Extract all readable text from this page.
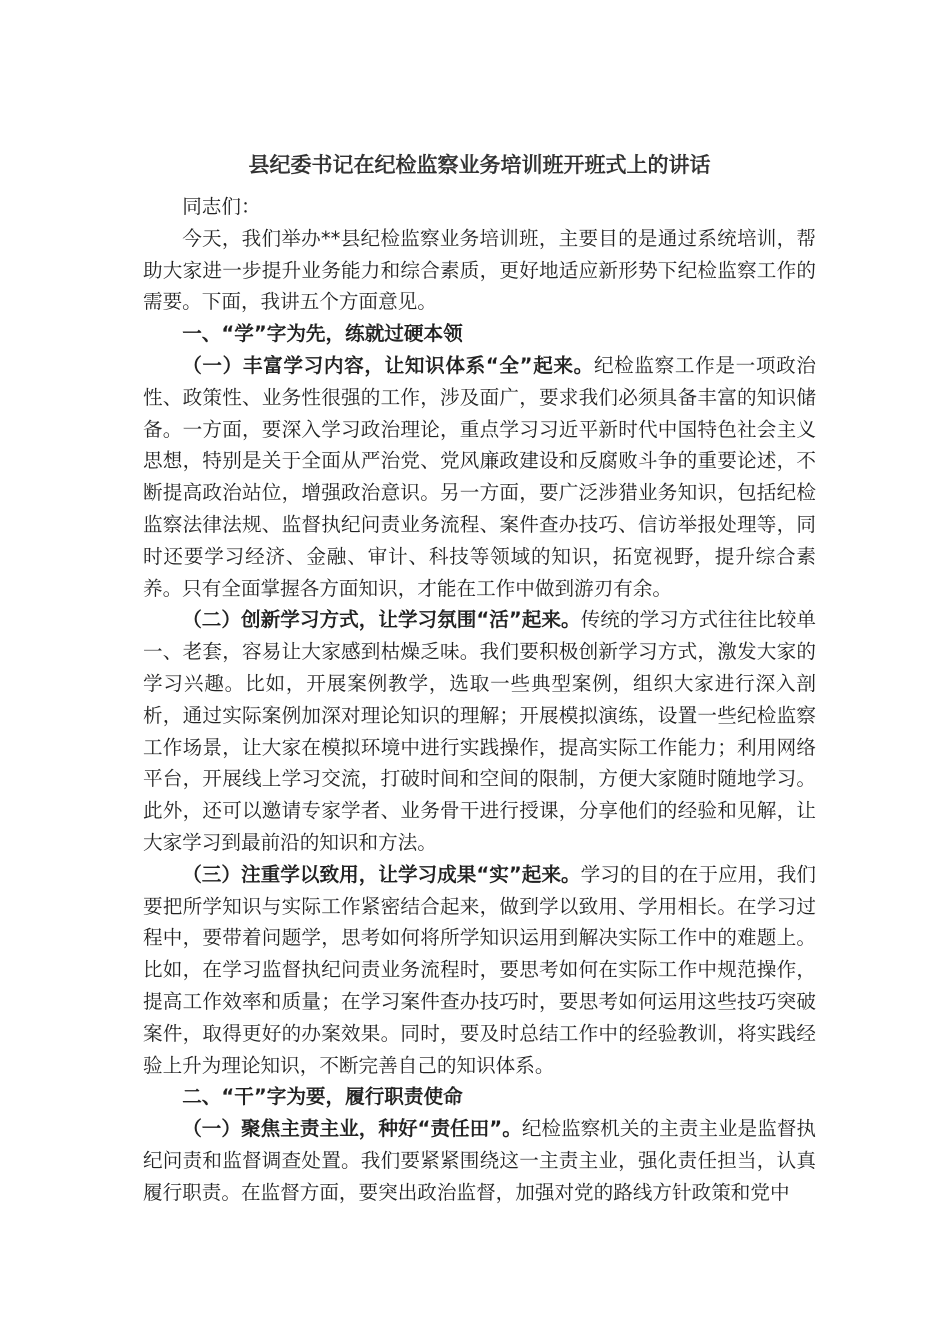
县纪委书记在纪检监察业务培训班开班式上的讲话

同志们：

今天，我们举办**县纪检监察业务培训班，主要目的是通过系统培训，帮助大家进一步提升业务能力和综合素质，更好地适应新形势下纪检监察工作的需要。下面，我讲五个方面意见。

一、“学”字为先，练就过硬本领

（一）丰富学习内容，让知识体系“全”起来。纪检监察工作是一项政治性、政策性、业务性很强的工作，涉及面广，要求我们必须具备丰富的知识储备。一方面，要深入学习政治理论，重点学习习近平新时代中国特色社会主义思想，特别是关于全面从严治党、党风廉政建设和反腐败斗争的重要论述，不断提高政治站位，增强政治意识。另一方面，要广泛涉猎业务知识，包括纪检监察法律法规、监督执纪问责业务流程、案件查办技巧、信访举报处理等，同时还要学习经济、金融、审计、科技等领域的知识，拓宽视野，提升综合素养。只有全面掌握各方面知识，才能在工作中做到游刃有余。

（二）创新学习方式，让学习氛围“活”起来。传统的学习方式往往比较单一、老套，容易让大家感到枯燥乏味。我们要积极创新学习方式，激发大家的学习兴趣。比如，开展案例教学，选取一些典型案例，组织大家进行深入剖析，通过实际案例加深对理论知识的理解；开展模拟演练，设置一些纪检监察工作场景，让大家在模拟环境中进行实践操作，提高实际工作能力；利用网络平台，开展线上学习交流，打破时间和空间的限制，方便大家随时随地学习。此外，还可以邀请专家学者、业务骨干进行授课，分享他们的经验和见解，让大家学习到最前沿的知识和方法。

（三）注重学以致用，让学习成果“实”起来。学习的目的在于应用，我们要把所学知识与实际工作紧密结合起来，做到学以致用、学用相长。在学习过程中，要带着问题学，思考如何将所学知识运用到解决实际工作中的难题上。比如，在学习监督执纪问责业务流程时，要思考如何在实际工作中规范操作，提高工作效率和质量；在学习案件查办技巧时，要思考如何运用这些技巧突破案件，取得更好的办案效果。同时，要及时总结工作中的经验教训，将实践经验上升为理论知识，不断完善自己的知识体系。

二、“干”字为要，履行职责使命

（一）聚焦主责主业，种好“责任田”。纪检监察机关的主责主业是监督执纪问责和监督调查处置。我们要紧紧围绕这一主责主业，强化责任担当，认真履行职责。在监督方面，要突出政治监督，加强对党的路线方针政策和党中
